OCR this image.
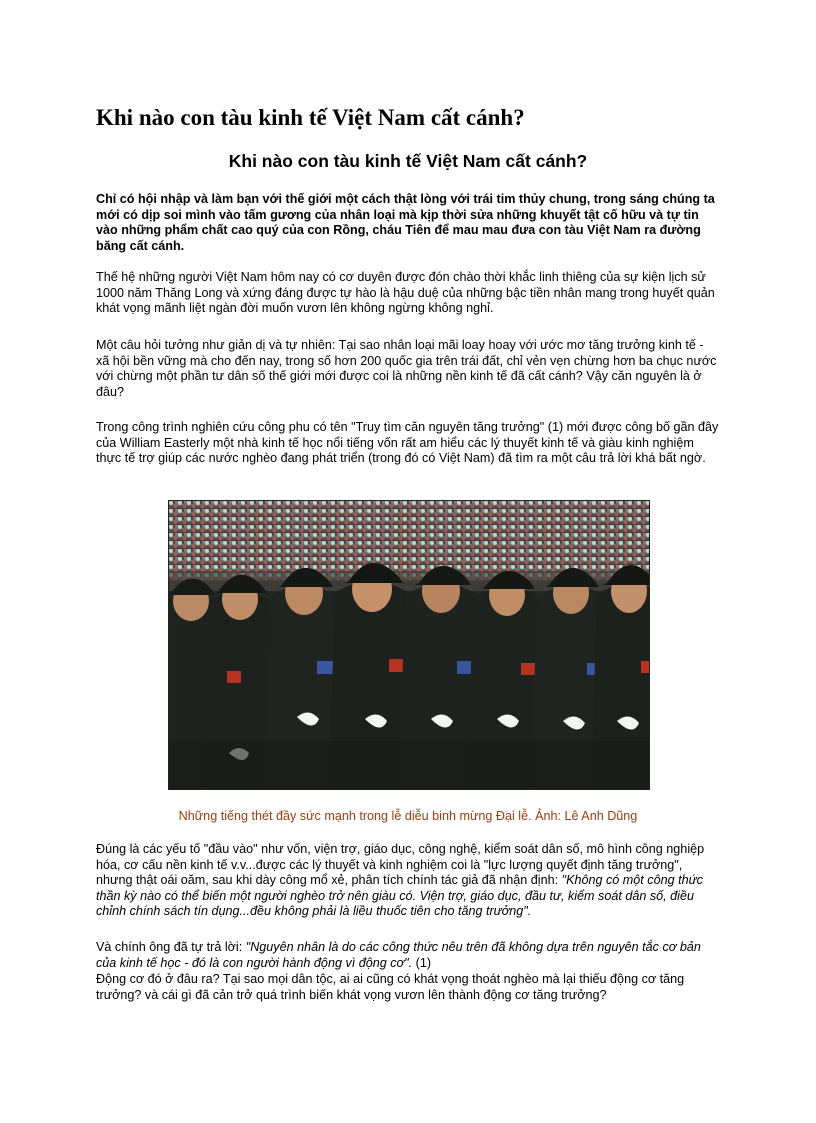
Khi nào con tàu kinh tế Việt Nam cất cánh?
Khi nào con tàu kinh tế Việt Nam cất cánh?

Chỉ có hội nhập và làm bạn với thế giới một cách thật lòng với trái tim thủy chung, trong sáng chúng ta mới có dịp soi mình vào tấm gương của nhân loại mà kịp thời sửa những khuyết tật cố hữu và tự tin vào những phẩm chất cao quý của con Rồng, cháu Tiên để mau mau đưa con tàu Việt Nam ra đường băng cất cánh.

Thế hệ những người Việt Nam hôm nay có cơ duyên được đón chào thời khắc linh thiêng của sự kiện lịch sử 1000 năm Thăng Long và xứng đáng được tự hào là hậu duệ của những bậc tiền nhân mang trong huyết quản khát vọng mãnh liệt ngàn đời muốn vươn lên không ngừng không nghỉ.

Một câu hỏi tưởng như giản dị và tự nhiên: Tại sao nhân loại mãi loay hoay với ước mơ tăng trưởng kinh tế - xã hội bền vững mà cho đến nay, trong số hơn 200 quốc gia trên trái đất, chỉ vẻn vẹn chừng hơn ba chục nước với chừng một phần tư dân số thế giới mới được coi là những nền kinh tế đã cất cánh? Vậy căn nguyên là ở đâu?

Trong công trình nghiên cứu công phu có tên "Truy tìm căn nguyên tăng trưởng" (1) mới được công bố gần đây của William Easterly một nhà kinh tế học nổi tiếng vốn rất am hiểu các lý thuyết kinh tế và giàu kinh nghiệm thực tế trợ giúp các nước nghèo đang phát triển (trong đó có Việt Nam) đã tìm ra một câu trả lời khá bất ngờ.

Những tiếng thét đầy sức mạnh trong lễ diễu binh mừng Đại lễ. Ảnh: Lê Anh Dũng

Đúng là các yếu tố "đầu vào" như vốn, viện trợ, giáo dục, công nghệ, kiểm soát dân số, mô hình công nghiệp hóa, cơ cấu nền kinh tế v.v...được các lý thuyết và kinh nghiệm coi là "lực lượng quyết định tăng trưởng", nhưng thật oái oăm, sau khi dày công mổ xẻ, phân tích chính tác giả đã nhận định: "Không có một công thức thần kỳ nào có thể biến một người nghèo trở nên giàu có. Viện trợ, giáo dục, đầu tư, kiểm soát dân số, điều chỉnh chính sách tín dụng...đều không phải là liều thuốc tiên cho tăng trưởng".

Và chính ông đã tự trả lời: "Nguyên nhân là do các công thức nêu trên đã không dựa trên nguyên tắc cơ bản của kinh tế học - đó là con người hành động vì động cơ". (1)

Động cơ đó ở đâu ra? Tại sao mọi dân tộc, ai ai cũng có khát vọng thoát nghèo mà lại thiếu động cơ tăng trưởng? và cái gì đã cản trở quá trình biến khát vọng vươn lên thành động cơ tăng trưởng?
